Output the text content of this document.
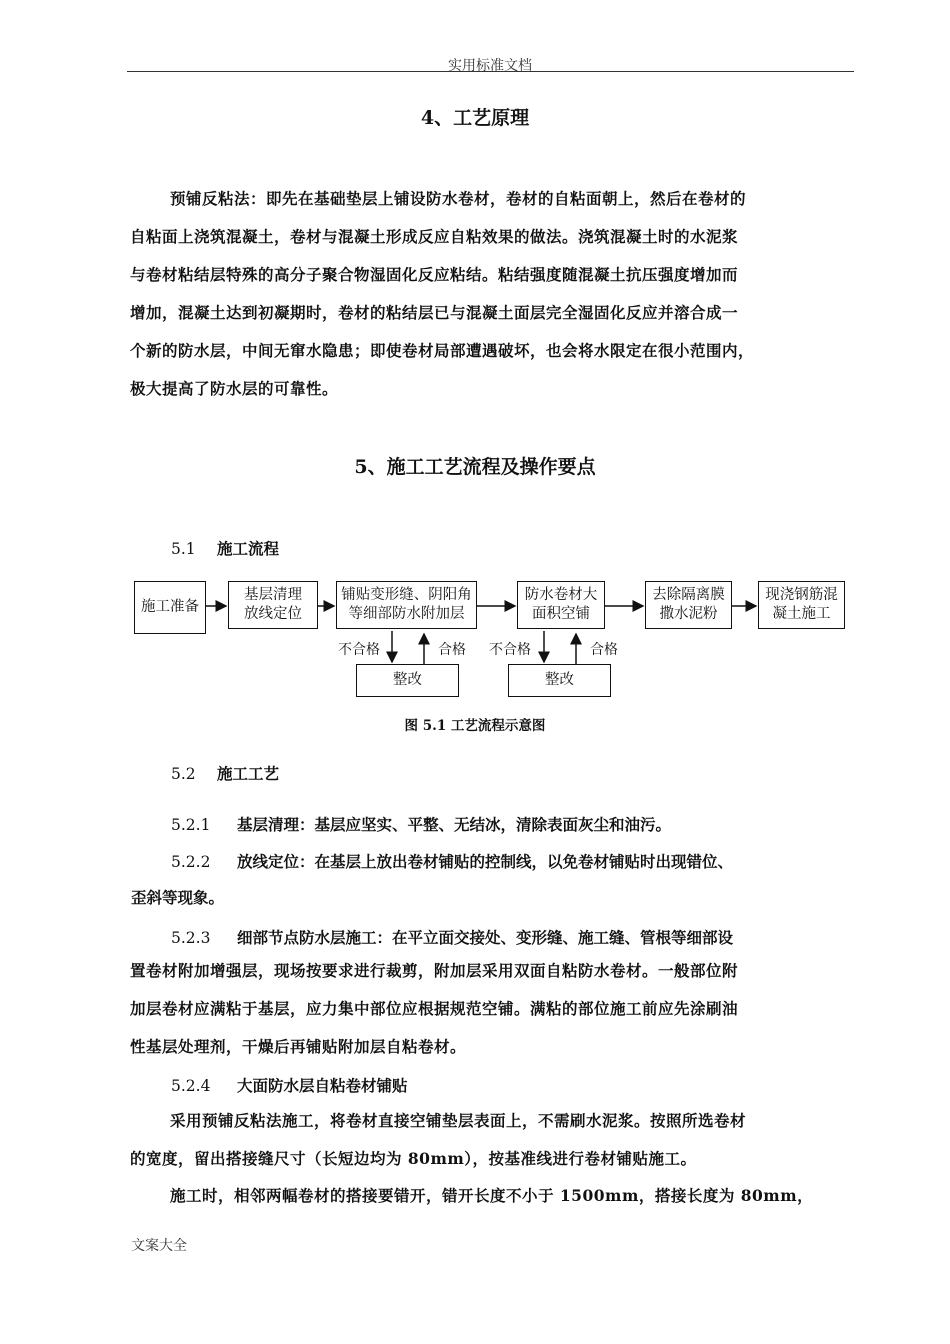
实用标准文档
4、工艺原理
预铺反粘法：即先在基础垫层上铺设防水卷材，卷材的自粘面朝上，然后在卷材的
自粘面上浇筑混凝土，卷材与混凝土形成反应自粘效果的做法。浇筑混凝土时的水泥浆
与卷材粘结层特殊的高分子聚合物湿固化反应粘结。粘结强度随混凝土抗压强度增加而
增加，混凝土达到初凝期时，卷材的粘结层已与混凝土面层完全湿固化反应并溶合成一
个新的防水层，中间无窜水隐患；即使卷材局部遭遇破坏，也会将水限定在很小范围内，
极大提高了防水层的可靠性。
5、施工工艺流程及操作要点
5.1 施工流程
施工准备
基层清理
放线定位
铺贴变形缝、阴阳角
等细部防水附加层
防水卷材大
面积空铺
去除隔离膜
撒水泥粉
现浇钢筋混
凝土施工
不合格	合格 不合格	合格
整改	整改
图 5.1 工艺流程示意图
5.2 施工工艺
5.2.1 基层清理：基层应坚实、平整、无结冰，清除表面灰尘和油污。
5.2.2 放线定位：在基层上放出卷材铺贴的控制线，以免卷材铺贴时出现错位、
歪斜等现象。
5.2.3 细部节点防水层施工：在平立面交接处、变形缝、施工缝、管根等细部设
置卷材附加增强层，现场按要求进行裁剪，附加层采用双面自粘防水卷材。一般部位附
加层卷材应满粘于基层，应力集中部位应根据规范空铺。满粘的部位施工前应先涂刷油
性基层处理剂，干燥后再铺贴附加层自粘卷材。
5.2.4 大面防水层自粘卷材铺贴
采用预铺反粘法施工，将卷材直接空铺垫层表面上，不需刷水泥浆。按照所选卷材
的宽度，留出搭接缝尺寸（长短边均为 80mm），按基准线进行卷材铺贴施工。
施工时，相邻两幅卷材的搭接要错开，错开长度不小于 1500mm，搭接长度为 80mm，
文案大全
